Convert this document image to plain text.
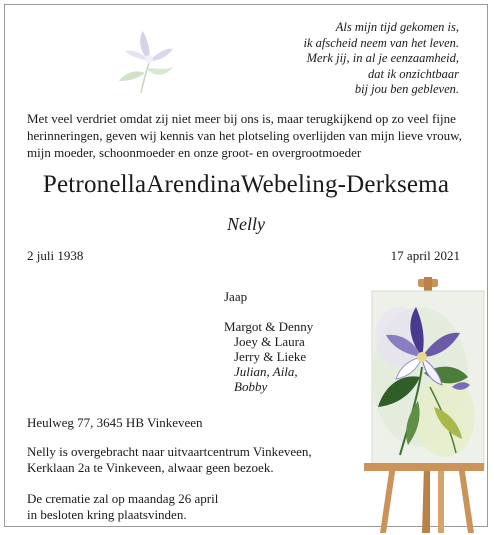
Als mijn tijd gekomen is,
ik afscheid neem van het leven.
Merk jij, in al je eenzaamheid,
dat ik onzichtbaar
bij jou ben gebleven.
Met veel verdriet omdat zij niet meer bij ons is, maar terugkijkend op zo veel fijne herinneringen, geven wij kennis van het plotseling overlijden van mijn lieve vrouw, mijn moeder, schoonmoeder en onze groot- en overgrootmoeder
PetronellaArendinaWebeling-Derksema
Nelly
2 juli 1938	17 april 2021
Jaap
Margot & Denny
Joey & Laura
Jerry & Lieke
Julian, Aila,
Bobby
Heulweg 77, 3645 HB Vinkeveen
Nelly is overgebracht naar uitvaartcentrum Vinkeveen,
Kerklaan 2a te Vinkeveen, alwaar geen bezoek.
De crematie zal op maandag 26 april
in besloten kring plaatsvinden.
